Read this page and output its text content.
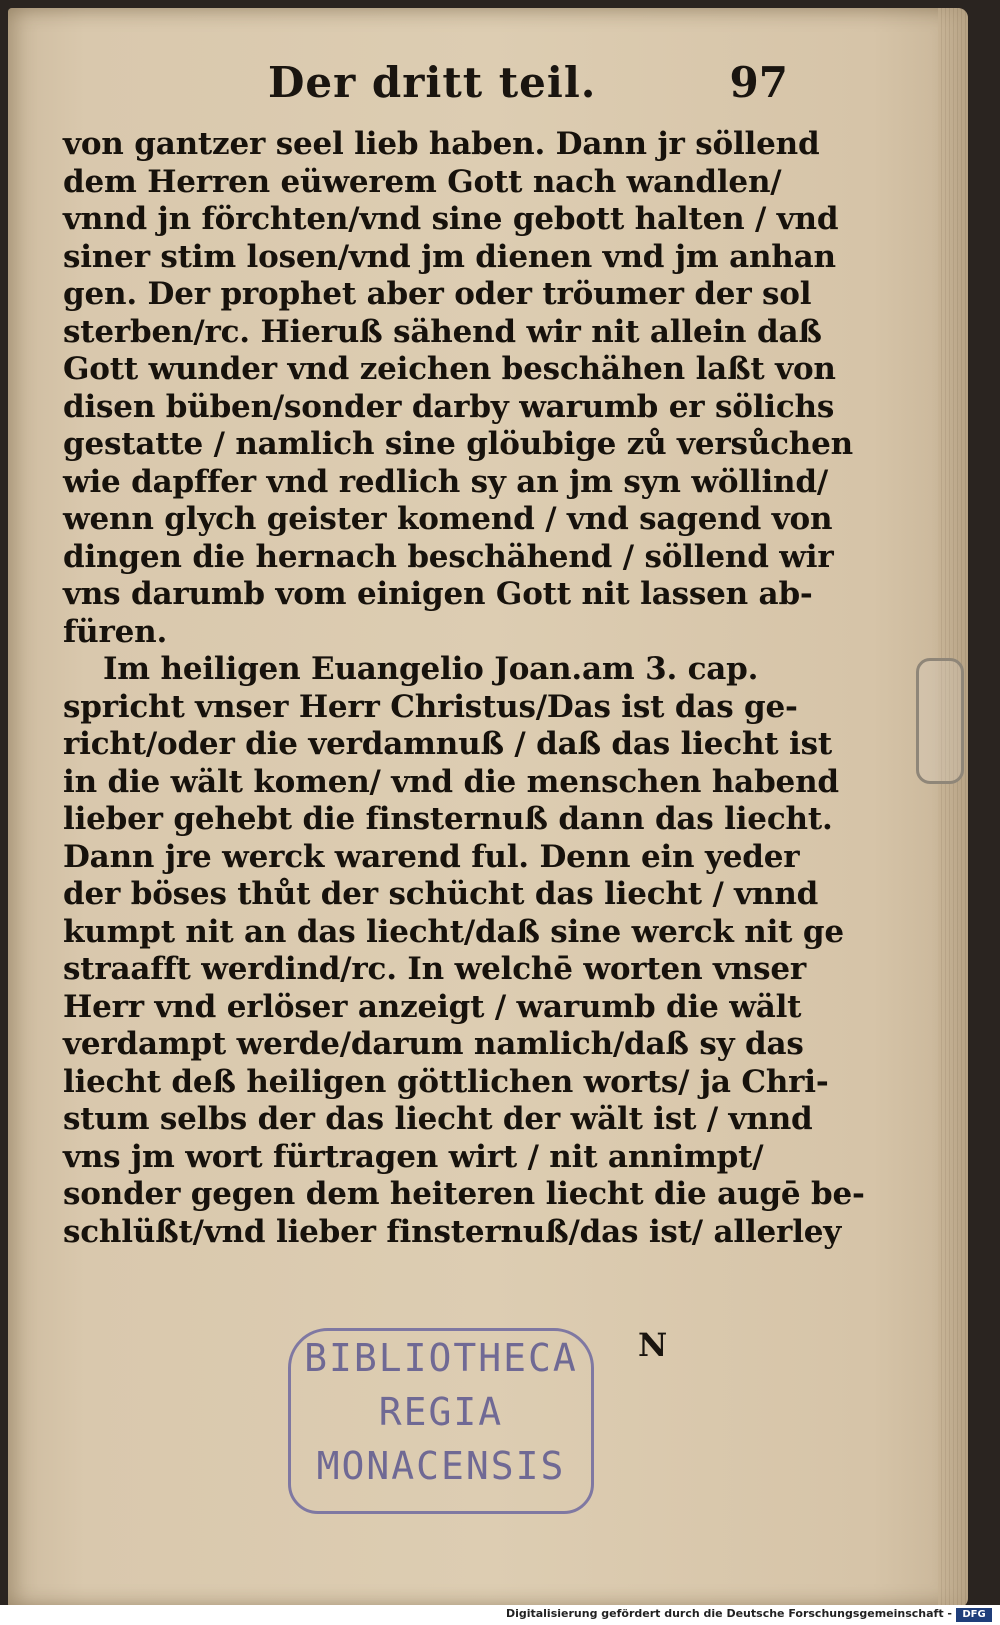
Der dritt teil.	97
von gantzer seel lieb haben. Dann jr söllend
dem Herren eüwerem Gott nach wandlen/
vnnd jn förchten/vnd sine gebott halten / vnd
siner stim losen/vnd jm dienen vnd jm anhan
gen. Der prophet aber oder tröumer der sol
sterben/rc. Hieruß sähend wir nit allein daß
Gott wunder vnd zeichen beschähen laßt von
disen büben/sonder darby warumb er sölichs
gestatte / namlich sine glöubige zů versůchen
wie dapffer vnd redlich sy an jm syn wöllind/
wenn glych geister komend / vnd sagend von
dingen die hernach beschähend / söllend wir
vns darumb vom einigen Gott nit lassen ab-
füren.
Im heiligen Euangelio Joan.am 3. cap.
spricht vnser Herr Christus/Das ist das ge-
richt/oder die verdamnuß / daß das liecht ist
in die wält komen/ vnd die menschen habend
lieber gehebt die finsternuß dann das liecht.
Dann jre werck warend ful. Denn ein yeder
der böses thůt der schücht das liecht / vnnd
kumpt nit an das liecht/daß sine werck nit ge
straafft werdind/rc. In welchē worten vnser
Herr vnd erlöser anzeigt / warumb die wält
verdampt werde/darum namlich/daß sy das
liecht deß heiligen göttlichen worts/ ja Chri-
stum selbs der das liecht der wält ist / vnnd
vns jm wort fürtragen wirt / nit annimpt/
sonder gegen dem heiteren liecht die augē be-
schlüßt/vnd lieber finsternuß/das ist/ allerley
N
BIBLIOTHECA
REGIA
MONACENSIS
Digitalisierung gefördert durch die Deutsche Forschungsgemeinschaft -	DFG
